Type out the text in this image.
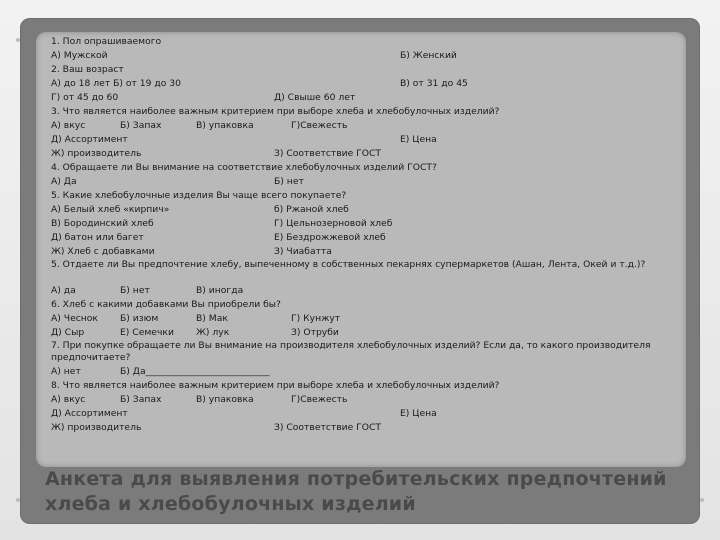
1. Пол опрашиваемого
А) Мужской	Б) Женский
2. Ваш возраст
А) до 18 лет Б) от 19 до 30	В) от 31 до 45
Г) от 45 до 60	Д) Свыше 60 лет
3. Что является наиболее важным критерием при выборе хлеба и хлебобулочных изделий?
А) вкус	Б) Запах	В) упаковка	Г)Свежесть
Д) Ассортимент	Е) Цена
Ж) производитель	З) Соответствие ГОСТ
4. Обращаете ли Вы внимание на соответствие хлебобулочных изделий ГОСТ?
А) Да	Б) нет
5. Какие хлебобулочные изделия Вы чаще всего покупаете?
А) Белый хлеб «кирпич»	б) Ржаной хлеб
В) Бородинский хлеб	Г) Цельнозерновой хлеб
Д) батон или багет	Е) Бездрожжевой хлеб
Ж) Хлеб с добавками	З) Чиабатта
5. Отдаете ли Вы предпочтение хлебу, выпеченному в собственных пекарнях супермаркетов (Ашан, Лента, Окей и т.д.)?
А) да	Б) нет	В) иногда
6. Хлеб с какими добавками Вы приобрели бы?
А) Чеснок Б) изюм	В) Мак	Г) Кунжут
Д) Сыр	Е) Семечки Ж) лук	З) Отруби
7. При покупке обращаете ли Вы внимание на производителя хлебобулочных изделий? Если да, то какого производителя предпочитаете?
А) нет	Б) Да___________________________
8. Что является наиболее важным критерием при выборе хлеба и хлебобулочных изделий?
А) вкус	Б) Запах	В) упаковка	Г)Свежесть
Д) Ассортимент	Е) Цена
Ж) производитель	З) Соответствие ГОСТ
Анкета для выявления потребительских предпочтений хлеба и хлебобулочных изделий
